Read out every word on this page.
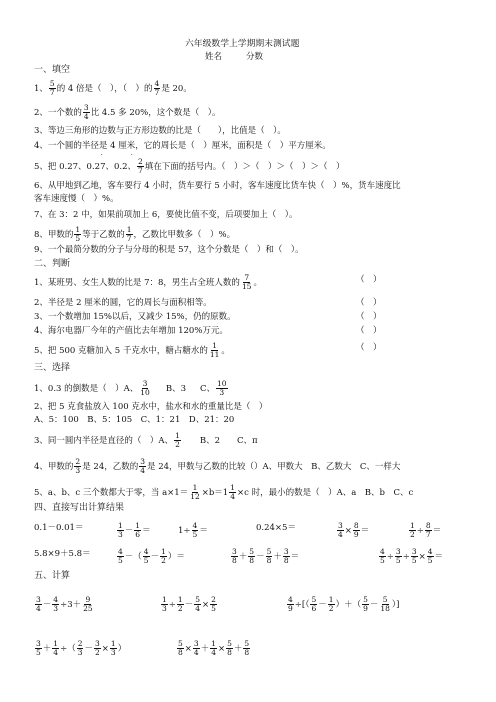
六年级数学上学期期末测试题
姓名	分数
一、填空
1、 $\frac{5}{7}$ 的 4 倍是（　），（　）的 $\frac{4}{7}$ 是 20。
2、一个数的 $\frac{3}{4}$ 比 4.5 多 20%，这个数是（　）。
3、等边三角形的边数与正方形边数的比是（　　），比值是（　）。
4、一个圆的半径是 4 厘米，它的周长是（　）厘米，面积是（　）平方厘米。
5、把 0.27、0.27、0.2、 $\frac{2}{7}$ 填在下面的括号内。（　）＞（　）＞（　）＞（　）
˙	˙
6、从甲地到乙地，客车要行 4 小时，货车要行 5 小时，客车速度比货车快（　）%，货车速度比
客车速度慢（　）%。
7、在 3：2 中，如果前项加上 6，要使比值不变，后项要加上（　）。
8、甲数的 $\frac{1}{5}$ 等于乙数的 $\frac{1}{7}$ ，乙数比甲数多（　）%。
9、一个最简分数的分子与分母的积是 57，这个分数是（　）和（　）。
二、判断
1、某班男、女生人数的比是 7：8，男生占全班人数的 $\frac{7}{15}$ 。	（　）
2、半径是 2 厘米的圆，它的周长与面积相等。	（　）
3、一个数增加 15%以后，又减少 15%，仍的原数。	（　）
4、海尔电器厂今年的产值比去年增加 120%万元。	（　）
5、把 500 克糖加入 5 千克水中，糖占糖水的 $\frac{1}{11}$ 。	（　）
三、选择
1、0.3 的倒数是（　）A、 $\frac{3}{10}$ B、3 C、 $\frac{10}{3}$
2、把 5 克食盐放入 100 克水中，盐水和水的重量比是（　）
A、5：100　B、5：105　C、1：21　D、21：20
3、同一圆内半径是直径的（　）A、 $\frac{1}{2}$ B、2　　C、π
4、甲数的 $\frac{2}{3}$ 是 24，乙数的 $\frac{3}{4}$ 是 24，甲数与乙数的比较（）A、甲数大　B、乙数大　C、一样大
5、a、b、c 三个数都大于零，当 $a\times 1= \frac{1}{12} \times b=1 \frac{1}{4} \times c$ 时，最小的数是（　）A、a　B、b　C、c
四、直接写出计算结果
0.1－0.01＝	$\frac{1}{3} - \frac{1}{6}$ ＝	$1\div \frac{4}{5}$ ＝	0.24×5＝	$\frac{3}{4} \times \frac{8}{9}$ ＝	$\frac{1}{2} \div \frac{8}{7}$ ＝
5.8×9＋5.8＝	$\frac{4}{5}$ －（ $\frac{4}{5} - \frac{1}{2}$ ）＝	$\frac{3}{8} + \frac{5}{8} - \frac{5}{8} + \frac{3}{8}$ ＝	$\frac{4}{5} \div \frac{3}{5} \div \frac{3}{5} \times \frac{4}{5}$ ＝
五、计算
$\frac{3}{4} - \frac{4}{3} \div 3+ \frac{9}{25}$	$\frac{1}{3} \div \frac{1}{2} - \frac{5}{4} \times \frac{2}{5}$	$\frac{4}{9}$ ÷[（ $\frac{5}{6} - \frac{1}{2}$ ）＋（ $\frac{5}{9} - \frac{5}{18}$ ）]
$\frac{3}{5} + \frac{1}{4}$ ÷（ $\frac{2}{3} - \frac{3}{2} \times \frac{1}{3}$ ）	$\frac{5}{8} \times \frac{3}{4} + \frac{1}{4} \times \frac{5}{8} + \frac{5}{8}$
